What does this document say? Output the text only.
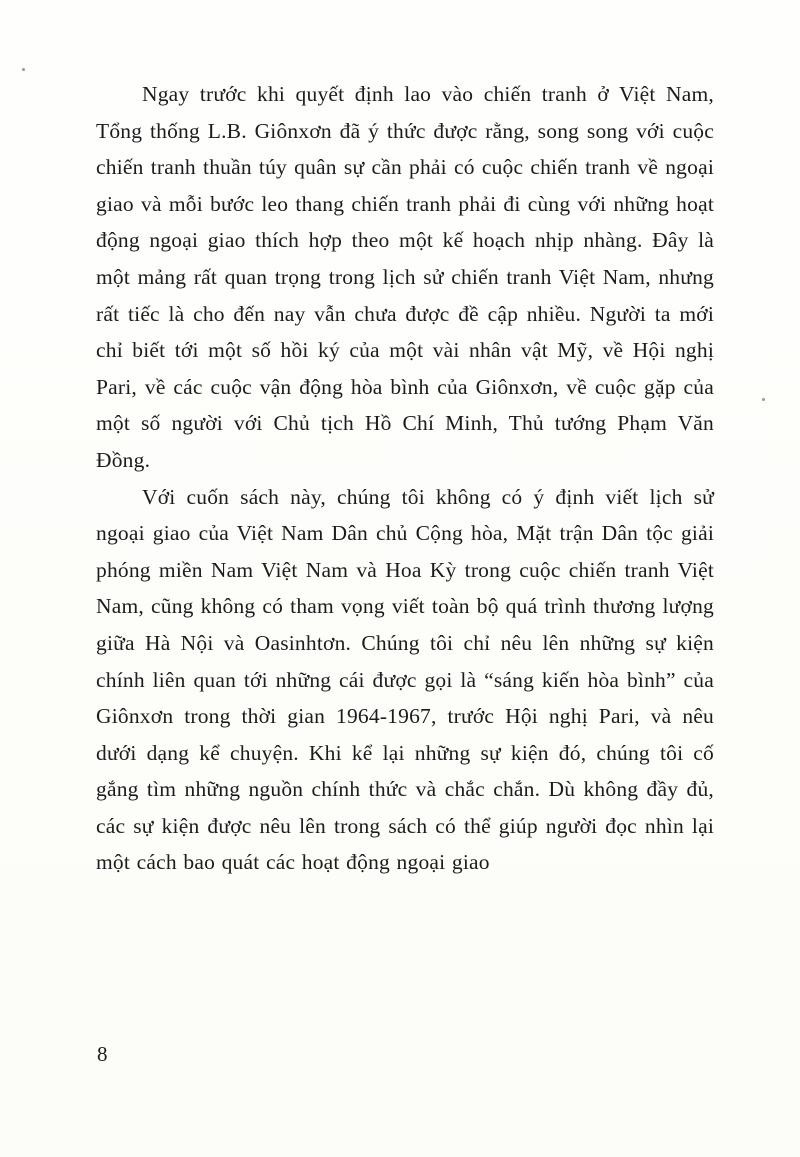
Ngay trước khi quyết định lao vào chiến tranh ở Việt Nam, Tổng thống L.B. Giônxơn đã ý thức được rằng, song song với cuộc chiến tranh thuần túy quân sự cần phải có cuộc chiến tranh về ngoại giao và mỗi bước leo thang chiến tranh phải đi cùng với những hoạt động ngoại giao thích hợp theo một kế hoạch nhịp nhàng. Đây là một mảng rất quan trọng trong lịch sử chiến tranh Việt Nam, nhưng rất tiếc là cho đến nay vẫn chưa được đề cập nhiều. Người ta mới chỉ biết tới một số hồi ký của một vài nhân vật Mỹ, về Hội nghị Pari, về các cuộc vận động hòa bình của Giônxơn, về cuộc gặp của một số người với Chủ tịch Hồ Chí Minh, Thủ tướng Phạm Văn Đồng.

Với cuốn sách này, chúng tôi không có ý định viết lịch sử ngoại giao của Việt Nam Dân chủ Cộng hòa, Mặt trận Dân tộc giải phóng miền Nam Việt Nam và Hoa Kỳ trong cuộc chiến tranh Việt Nam, cũng không có tham vọng viết toàn bộ quá trình thương lượng giữa Hà Nội và Oasinhtơn. Chúng tôi chỉ nêu lên những sự kiện chính liên quan tới những cái được gọi là “sáng kiến hòa bình” của Giônxơn trong thời gian 1964-1967, trước Hội nghị Pari, và nêu dưới dạng kể chuyện. Khi kể lại những sự kiện đó, chúng tôi cố gắng tìm những nguồn chính thức và chắc chắn. Dù không đầy đủ, các sự kiện được nêu lên trong sách có thể giúp người đọc nhìn lại một cách bao quát các hoạt động ngoại giao

8
